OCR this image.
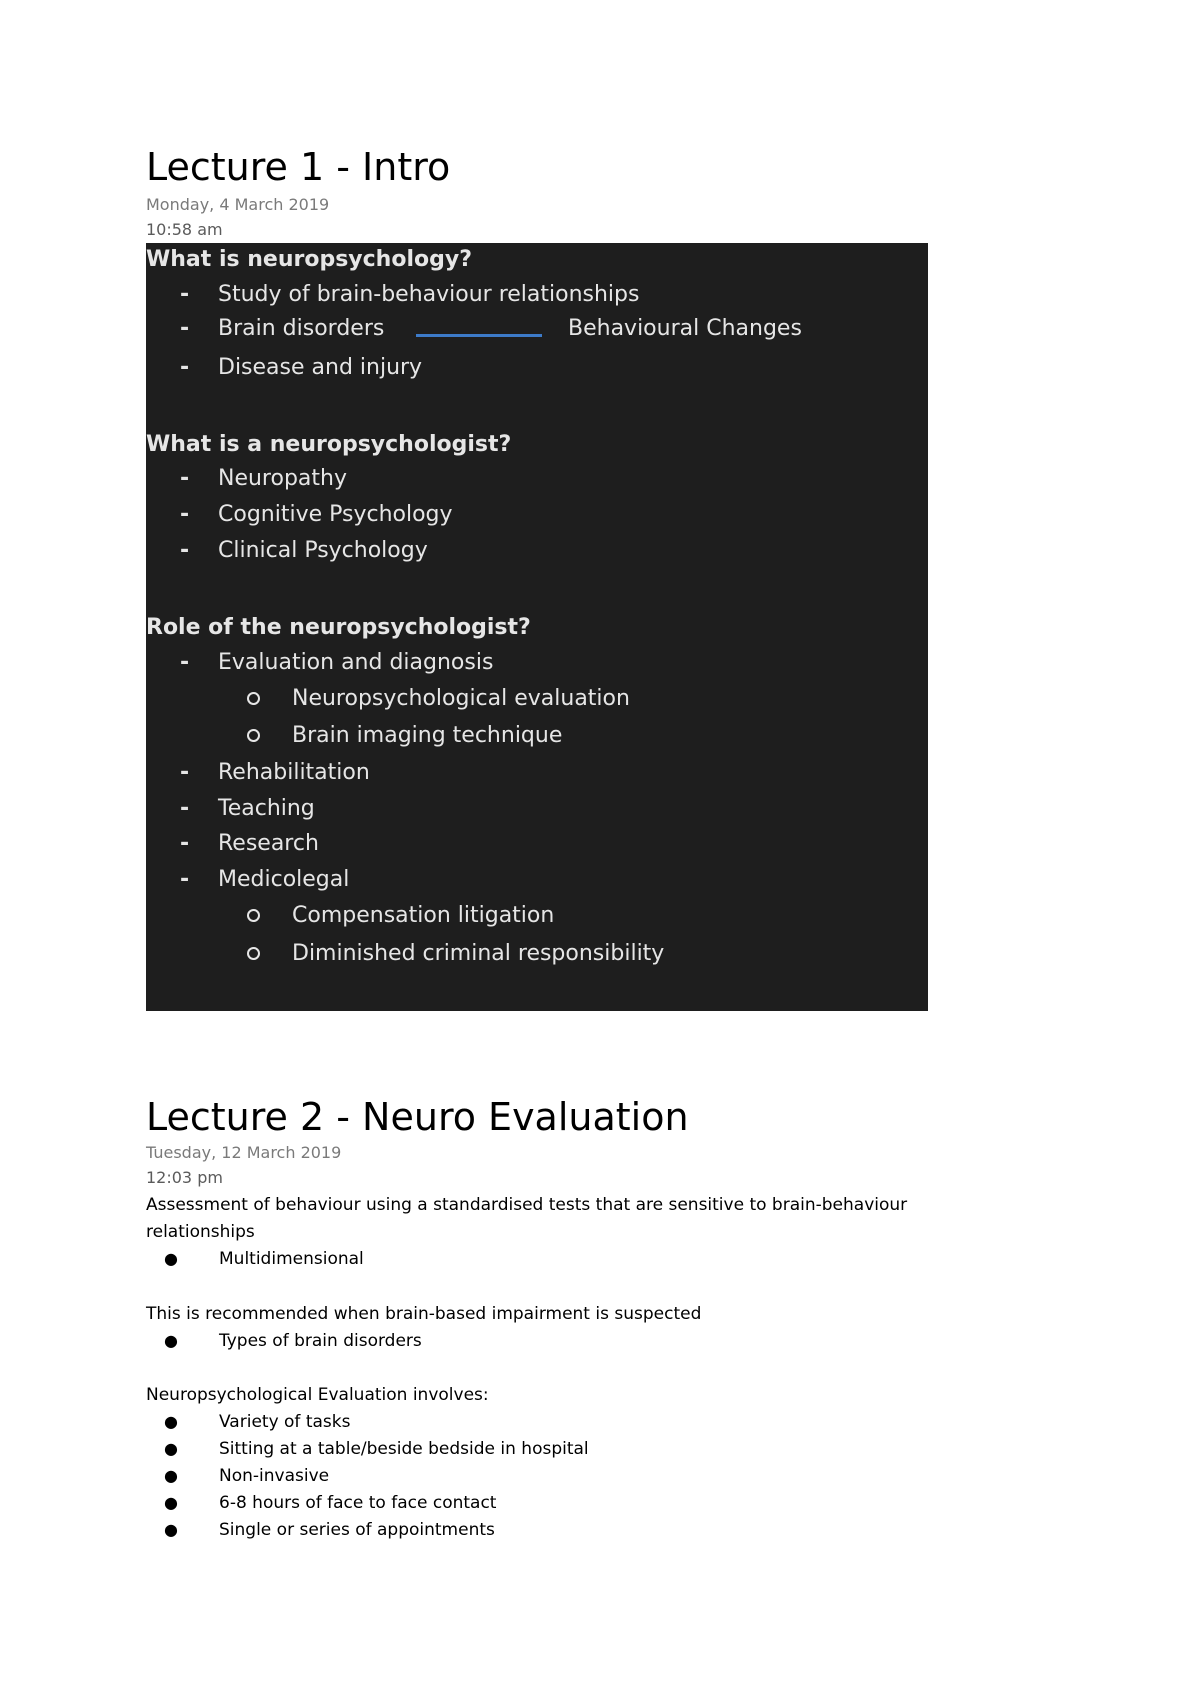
Lecture 1 - Intro
Monday, 4 March 2019
10:58 am
What is neuropsychology?
- Study of brain-behaviour relationships
- Brain disorders	Behavioural Changes
- Disease and injury
What is a neuropsychologist?
- Neuropathy
- Cognitive Psychology
- Clinical Psychology
Role of the neuropsychologist?
- Evaluation and diagnosis
Neuropsychological evaluation
Brain imaging technique
- Rehabilitation
- Teaching
- Research
- Medicolegal
Compensation litigation
Diminished criminal responsibility
Lecture 2 - Neuro Evaluation
Tuesday, 12 March 2019
12:03 pm
Assessment of behaviour using a standardised tests that are sensitive to brain-behaviour
relationships
● Multidimensional
This is recommended when brain-based impairment is suspected
● Types of brain disorders
Neuropsychological Evaluation involves:
● Variety of tasks
● Sitting at a table/beside bedside in hospital
● Non-invasive
● 6-8 hours of face to face contact
● Single or series of appointments
